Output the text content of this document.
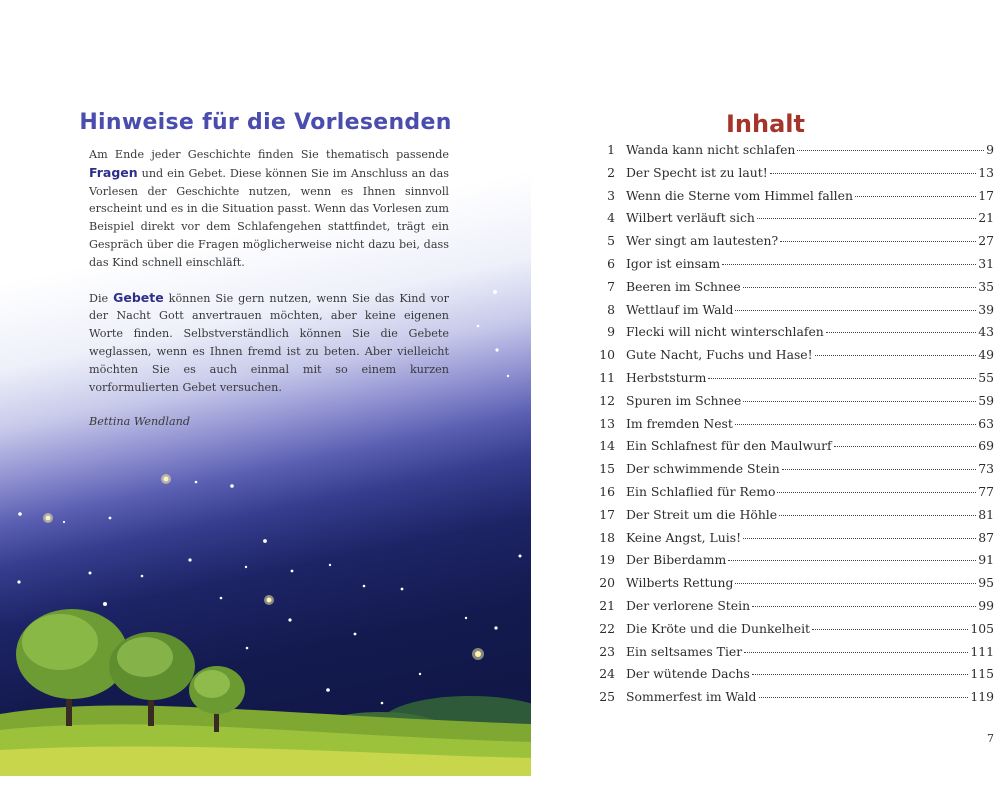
Hinweise für die Vorlesenden

Am Ende jeder Geschichte finden Sie thematisch passende Fragen und ein Gebet. Diese können Sie im Anschluss an das Vorlesen der Geschichte nutzen, wenn es Ihnen sinnvoll erscheint und es in die Situation passt. Wenn das Vorlesen zum Beispiel direkt vor dem Schlafengehen stattfindet, trägt ein Gespräch über die Fragen möglicherweise nicht dazu bei, dass das Kind schnell einschläft.

Die Gebete können Sie gern nutzen, wenn Sie das Kind vor der Nacht Gott anvertrauen möchten, aber keine eigenen Worte finden. Selbstverständlich können Sie die Gebete weglassen, wenn es Ihnen fremd ist zu beten. Aber vielleicht möchten Sie es auch einmal mit so einem kurzen vorformulierten Gebet versuchen.

Bettina Wendland
Inhalt
1 Wanda kann nicht schlafen	9
2 Der Specht ist zu laut!	13
3 Wenn die Sterne vom Himmel fallen	17
4 Wilbert verläuft sich	21
5 Wer singt am lautesten?	27
6 Igor ist einsam	31
7 Beeren im Schnee	35
8 Wettlauf im Wald	39
9 Flecki will nicht winterschlafen	43
10 Gute Nacht, Fuchs und Hase!	49
11 Herbststurm	55
12 Spuren im Schnee	59
13 Im fremden Nest	63
14 Ein Schlafnest für den Maulwurf	69
15 Der schwimmende Stein	73
16 Ein Schlaflied für Remo	77
17 Der Streit um die Höhle	81
18 Keine Angst, Luis!	87
19 Der Biberdamm	91
20 Wilberts Rettung	95
21 Der verlorene Stein	99
22 Die Kröte und die Dunkelheit	105
23 Ein seltsames Tier	111
24 Der wütende Dachs	115
25 Sommerfest im Wald	119
7
